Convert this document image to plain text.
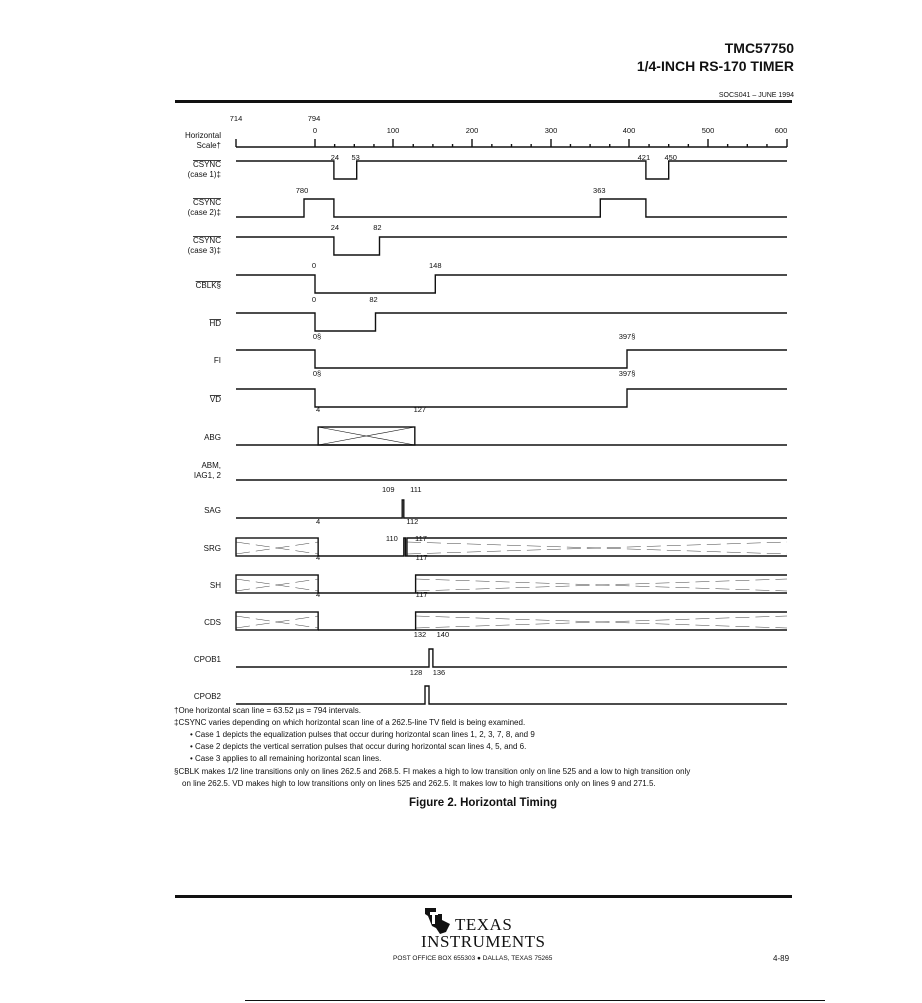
TMC57750
1/4-INCH RS-170 TIMER
SOCS041 – JUNE 1994
Horizontal
Scale†
CSYNC
(case 1)‡
CSYNC
(case 2)‡
CSYNC
(case 3)‡
CBLK§
HD
FI
VD
ABG
ABM,
IAG1, 2
SAG
SRG
SH
CDS
CPOB1
CPOB2
714	794
0	100	200	300	400	500	600
24 53	421 450
780	363
24	82
0	148
0	82
0§	397§
0§	397§
4	127
109 111
4	112
110 117
4	117
4	117
132 140
128 136
†One horizontal scan line = 63.52 µs = 794 intervals.
‡CSYNC varies depending on which horizontal scan line of a 262.5-line TV field is being examined.
• Case 1 depicts the equalization pulses that occur during horizontal scan lines 1, 2, 3, 7, 8, and 9
• Case 2 depicts the vertical serration pulses that occur during horizontal scan lines 4, 5, and 6.
• Case 3 applies to all remaining horizontal scan lines.
§CBLK makes 1/2 line transitions only on lines 262.5 and 268.5. FI makes a high to low transition only on line 525 and a low to high transition only
on line 262.5. VD makes high to low transitions only on lines 525 and 262.5. It makes low to high transitions only on lines 9 and 271.5.
Figure 2. Horizontal Timing
TEXAS
INSTRUMENTS
POST OFFICE BOX 655303 ● DALLAS, TEXAS 75265	4-89
